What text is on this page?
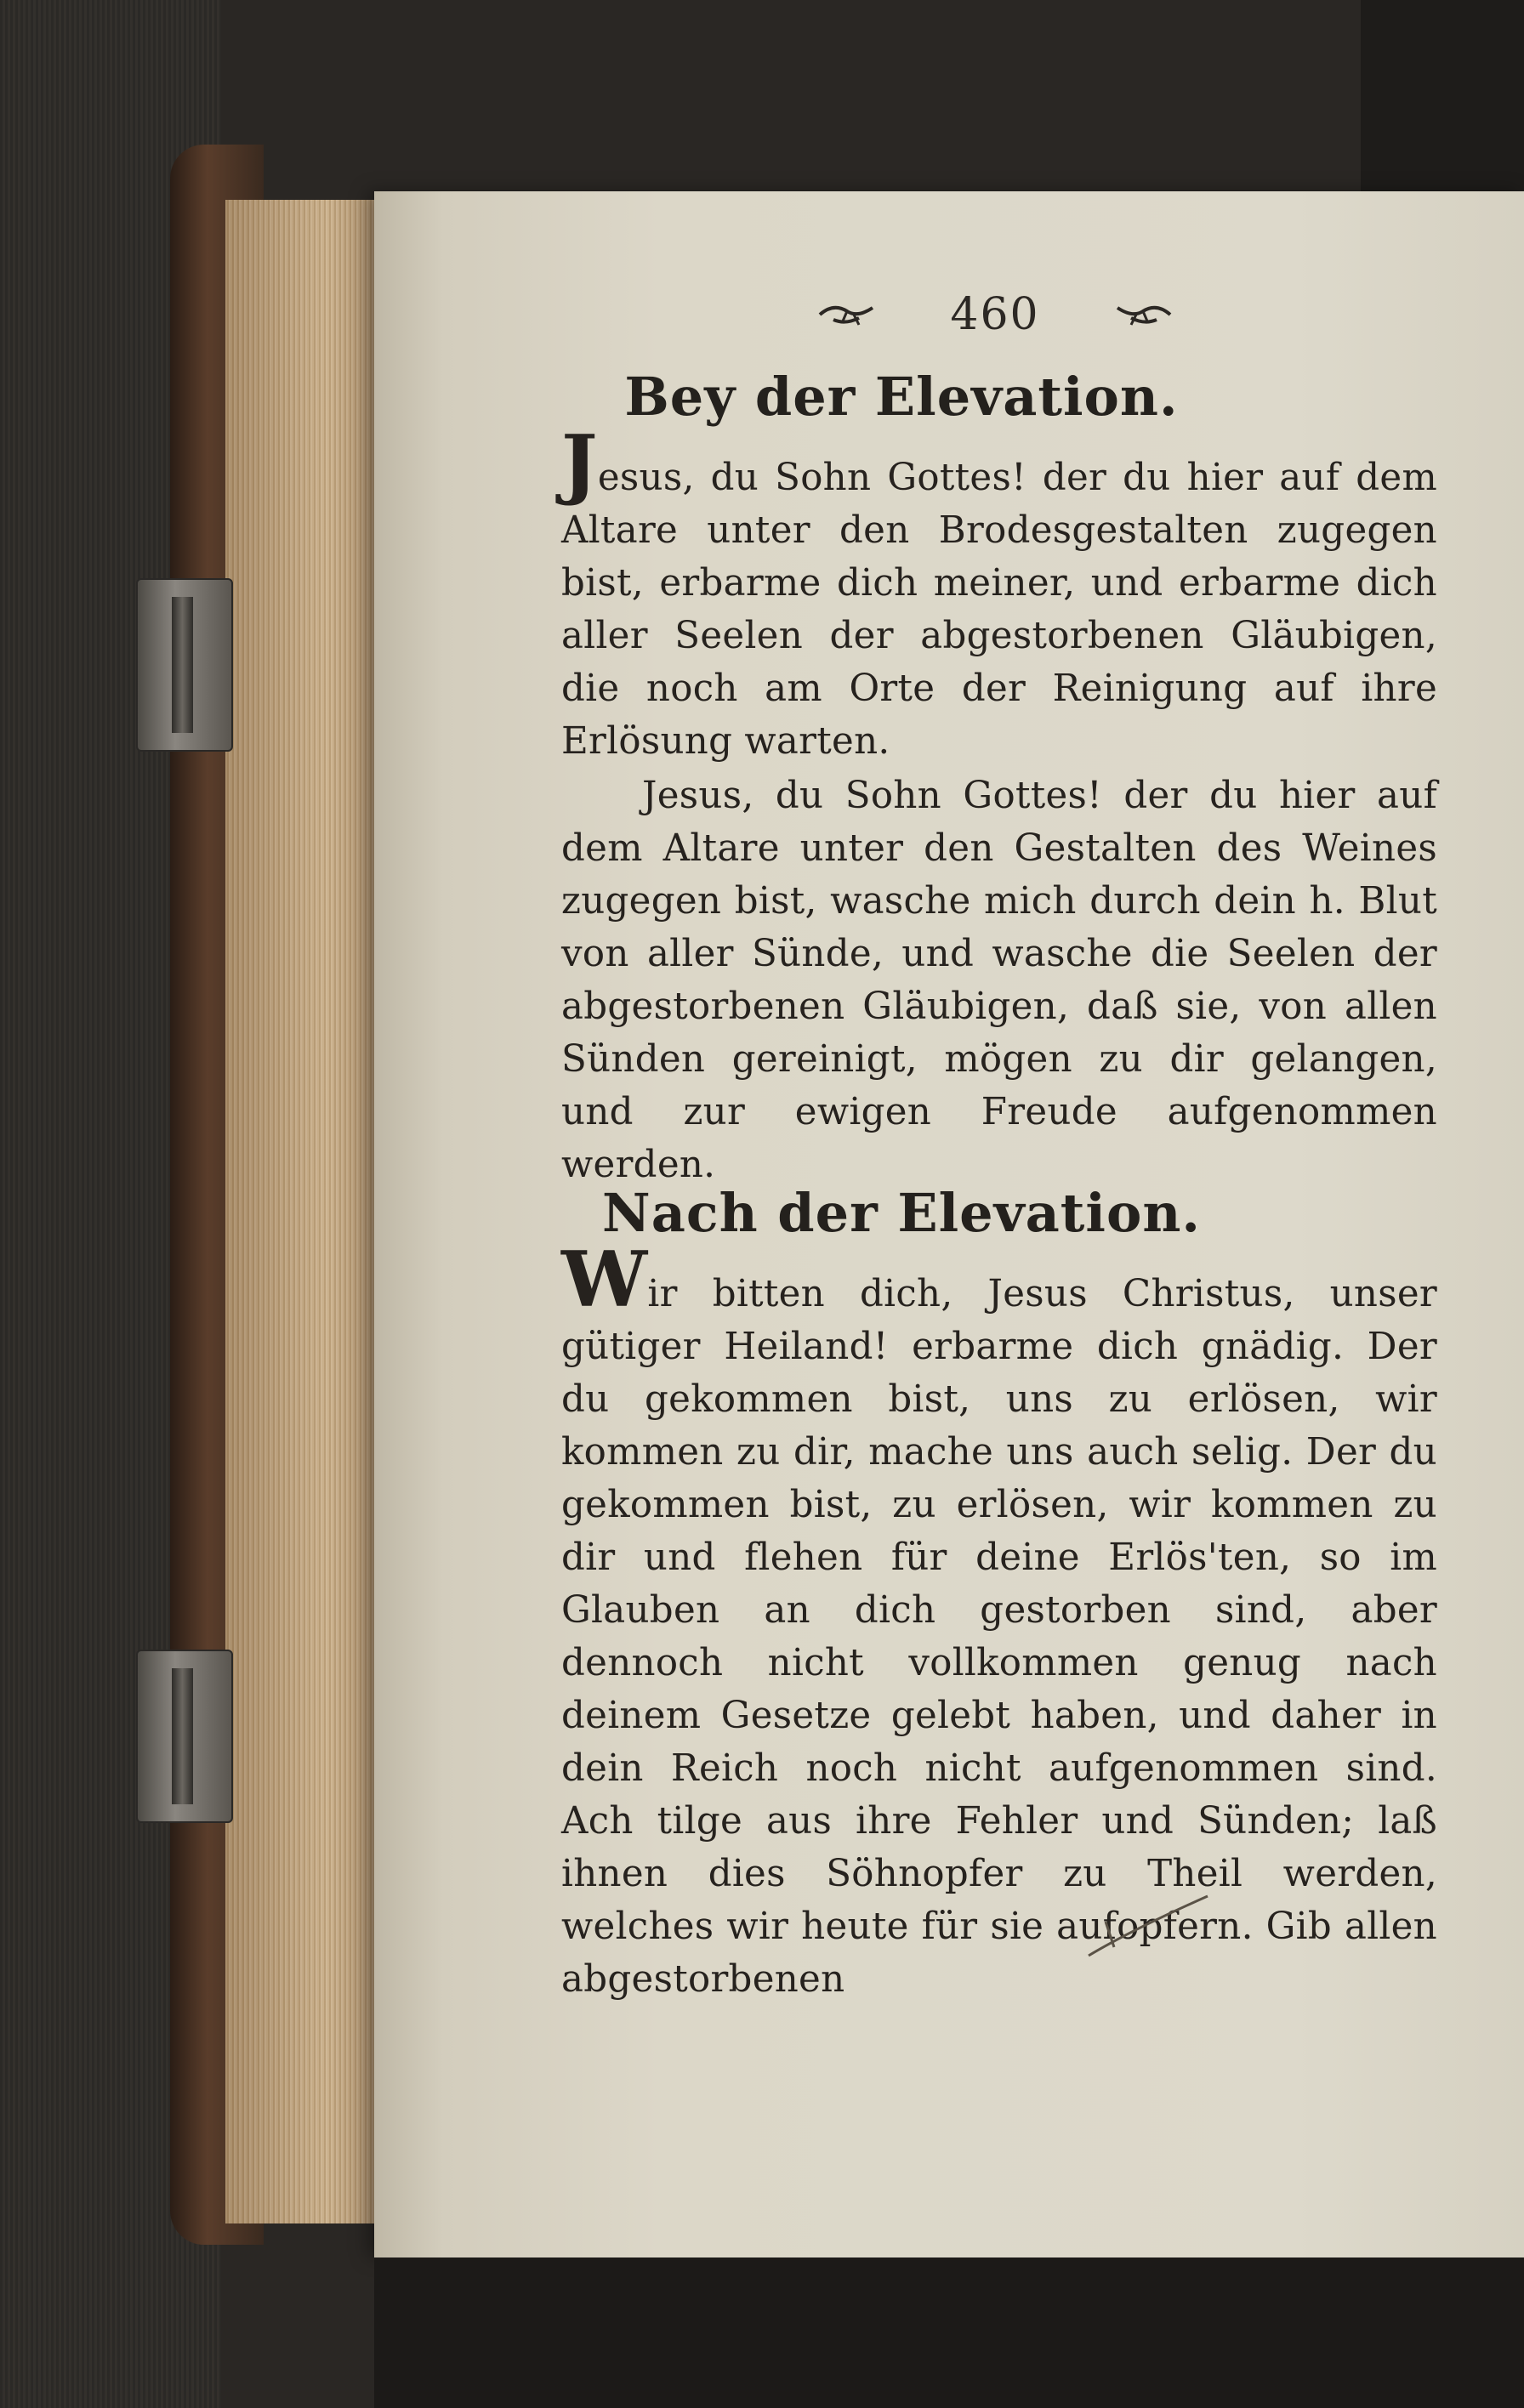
460
Bey der Elevation.
Jesus, du Sohn Gottes! der du hier auf dem Altare unter den Brodesgestalten zugegen bist, erbarme dich meiner, und erbarme dich aller Seelen der abgestorbenen Gläubigen, die noch am Orte der Reinigung auf ihre Erlösung warten.
Jesus, du Sohn Gottes! der du hier auf dem Altare unter den Gestalten des Weines zugegen bist, wasche mich durch dein h. Blut von aller Sünde, und wasche die Seelen der abgestorbenen Gläubigen, daß sie, von allen Sünden gereinigt, mögen zu dir gelangen, und zur ewigen Freude aufgenommen werden.
Nach der Elevation.
Wir bitten dich, Jesus Christus, unser gütiger Heiland! erbarme dich gnädig. Der du gekommen bist, uns zu erlösen, wir kommen zu dir, mache uns auch selig. Der du gekommen bist, zu erlösen, wir kommen zu dir und flehen für deine Erlös'ten, so im Glauben an dich gestorben sind, aber dennoch nicht vollkommen genug nach deinem Gesetze gelebt haben, und daher in dein Reich noch nicht aufgenommen sind. Ach tilge aus ihre Fehler und Sünden; laß ihnen dies Söhnopfer zu Theil werden, welches wir heute für sie aufopfern. Gib allen abgestorbenen
